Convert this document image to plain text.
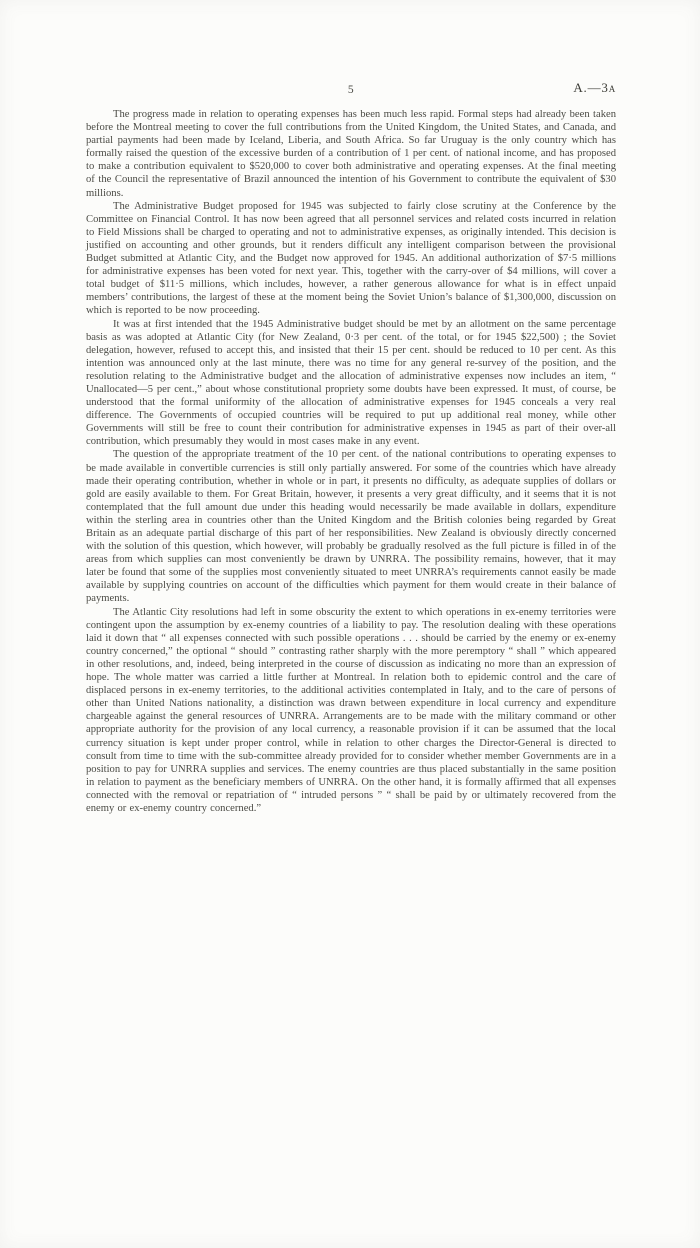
5	A.—3a

The progress made in relation to operating expenses has been much less rapid. Formal steps had already been taken before the Montreal meeting to cover the full contributions from the United Kingdom, the United States, and Canada, and partial payments had been made by Iceland, Liberia, and South Africa. So far Uruguay is the only country which has formally raised the question of the excessive burden of a contribution of 1 per cent. of national income, and has proposed to make a contribution equivalent to $520,000 to cover both administrative and operating expenses. At the final meeting of the Council the representative of Brazil announced the intention of his Government to contribute the equivalent of $30 millions.

The Administrative Budget proposed for 1945 was subjected to fairly close scrutiny at the Conference by the Committee on Financial Control. It has now been agreed that all personnel services and related costs incurred in relation to Field Missions shall be charged to operating and not to administrative expenses, as originally intended. This decision is justified on accounting and other grounds, but it renders difficult any intelligent comparison between the provisional Budget submitted at Atlantic City, and the Budget now approved for 1945. An additional authorization of $7·5 millions for administrative expenses has been voted for next year. This, together with the carry-over of $4 millions, will cover a total budget of $11·5 millions, which includes, however, a rather generous allowance for what is in effect unpaid members’ contributions, the largest of these at the moment being the Soviet Union’s balance of $1,300,000, discussion on which is reported to be now proceeding.

It was at first intended that the 1945 Administrative budget should be met by an allotment on the same percentage basis as was adopted at Atlantic City (for New Zealand, 0·3 per cent. of the total, or for 1945 $22,500) ; the Soviet delegation, however, refused to accept this, and insisted that their 15 per cent. should be reduced to 10 per cent. As this intention was announced only at the last minute, there was no time for any general re-survey of the position, and the resolution relating to the Administrative budget and the allocation of administrative expenses now includes an item, “ Unallocated—5 per cent.,” about whose constitutional propriety some doubts have been expressed. It must, of course, be understood that the formal uniformity of the allocation of administrative expenses for 1945 conceals a very real difference. The Governments of occupied countries will be required to put up additional real money, while other Governments will still be free to count their contribution for administrative expenses in 1945 as part of their over-all contribution, which presumably they would in most cases make in any event.

The question of the appropriate treatment of the 10 per cent. of the national contributions to operating expenses to be made available in convertible currencies is still only partially answered. For some of the countries which have already made their operating contribution, whether in whole or in part, it presents no difficulty, as adequate supplies of dollars or gold are easily available to them. For Great Britain, however, it presents a very great difficulty, and it seems that it is not contemplated that the full amount due under this heading would necessarily be made available in dollars, expenditure within the sterling area in countries other than the United Kingdom and the British colonies being regarded by Great Britain as an adequate partial discharge of this part of her responsibilities. New Zealand is obviously directly concerned with the solution of this question, which however, will probably be gradually resolved as the full picture is filled in of the areas from which supplies can most conveniently be drawn by UNRRA. The possibility remains, however, that it may later be found that some of the supplies most conveniently situated to meet UNRRA’s requirements cannot easily be made available by supplying countries on account of the difficulties which payment for them would create in their balance of payments.

The Atlantic City resolutions had left in some obscurity the extent to which operations in ex-enemy territories were contingent upon the assumption by ex-enemy countries of a liability to pay. The resolution dealing with these operations laid it down that “ all expenses connected with such possible operations . . . should be carried by the enemy or ex-enemy country concerned,” the optional “ should ” contrasting rather sharply with the more peremptory “ shall ” which appeared in other resolutions, and, indeed, being interpreted in the course of discussion as indicating no more than an expression of hope. The whole matter was carried a little further at Montreal. In relation both to epidemic control and the care of displaced persons in ex-enemy territories, to the additional activities contemplated in Italy, and to the care of persons of other than United Nations nationality, a distinction was drawn between expenditure in local currency and expenditure chargeable against the general resources of UNRRA. Arrangements are to be made with the military command or other appropriate authority for the provision of any local currency, a reasonable provision if it can be assumed that the local currency situation is kept under proper control, while in relation to other charges the Director-General is directed to consult from time to time with the sub-committee already provided for to consider whether member Governments are in a position to pay for UNRRA supplies and services. The enemy countries are thus placed substantially in the same position in relation to payment as the beneficiary members of UNRRA. On the other hand, it is formally affirmed that all expenses connected with the removal or repatriation of “ intruded persons ” “ shall be paid by or ultimately recovered from the enemy or ex-enemy country concerned.”
